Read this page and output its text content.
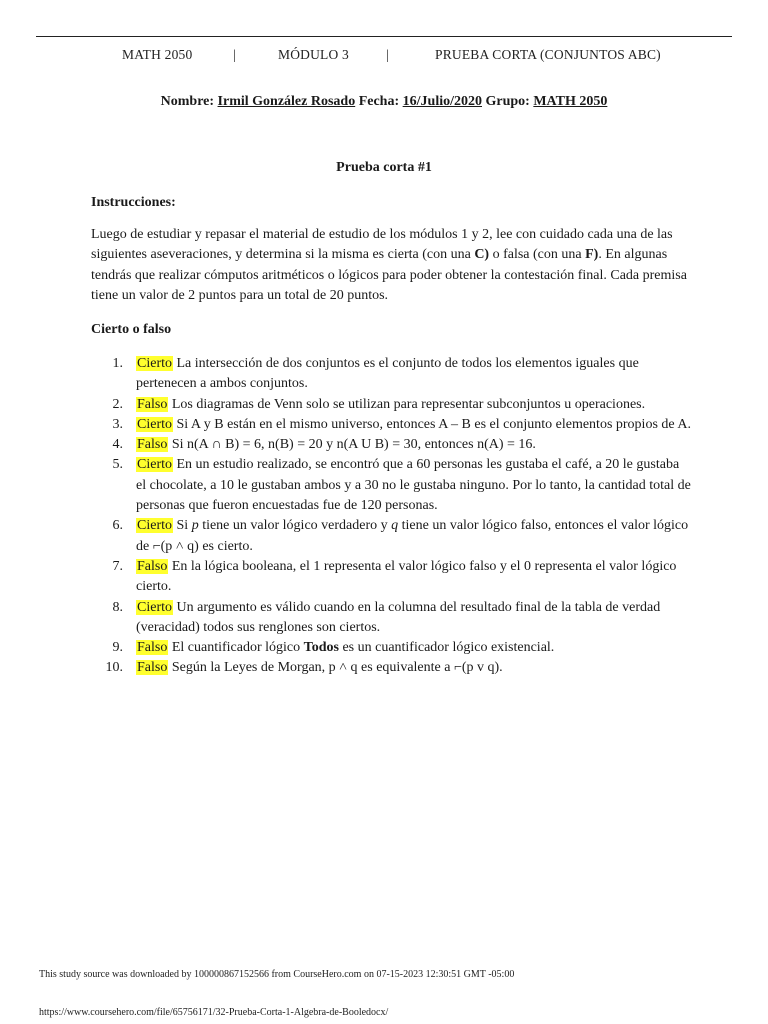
MATH 2050	|	MÓDULO 3	|	PRUEBA CORTA (CONJUNTOS ABC)
Nombre: Irmil González Rosado Fecha: 16/Julio/2020 Grupo: MATH 2050
Prueba corta #1
Instrucciones:

Luego de estudiar y repasar el material de estudio de los módulos 1 y 2, lee con cuidado cada una de las siguientes aseveraciones, y determina si la misma es cierta (con una C) o falsa (con una F). En algunas tendrás que realizar cómputos aritméticos o lógicos para poder obtener la contestación final. Cada premisa tiene un valor de 2 puntos para un total de 20 puntos.

Cierto o falso
1. Cierto La intersección de dos conjuntos es el conjunto de todos los elementos iguales que pertenecen a ambos conjuntos.
2. Falso Los diagramas de Venn solo se utilizan para representar subconjuntos u operaciones.
3. Cierto Si A y B están en el mismo universo, entonces A – B es el conjunto elementos propios de A.
4. Falso Si n(A ∩ B) = 6, n(B) = 20 y n(A U B) = 30, entonces n(A) = 16.
5. Cierto En un estudio realizado, se encontró que a 60 personas les gustaba el café, a 20 le gustaba el chocolate, a 10 le gustaban ambos y a 30 no le gustaba ninguno. Por lo tanto, la cantidad total de personas que fueron encuestadas fue de 120 personas.
6. Cierto Si p tiene un valor lógico verdadero y q tiene un valor lógico falso, entonces el valor lógico de ⌐(p ˄ q) es cierto.
7. Falso En la lógica booleana, el 1 representa el valor lógico falso y el 0 representa el valor lógico cierto.
8. Cierto Un argumento es válido cuando en la columna del resultado final de la tabla de verdad (veracidad) todos sus renglones son ciertos.
9. Falso El cuantificador lógico Todos es un cuantificador lógico existencial.
10. Falso Según la Leyes de Morgan, p ˄ q es equivalente a ⌐(p v q).
This study source was downloaded by 100000867152566 from CourseHero.com on 07-15-2023 12:30:51 GMT -05:00
https://www.coursehero.com/file/65756171/32-Prueba-Corta-1-Algebra-de-Booledocx/
